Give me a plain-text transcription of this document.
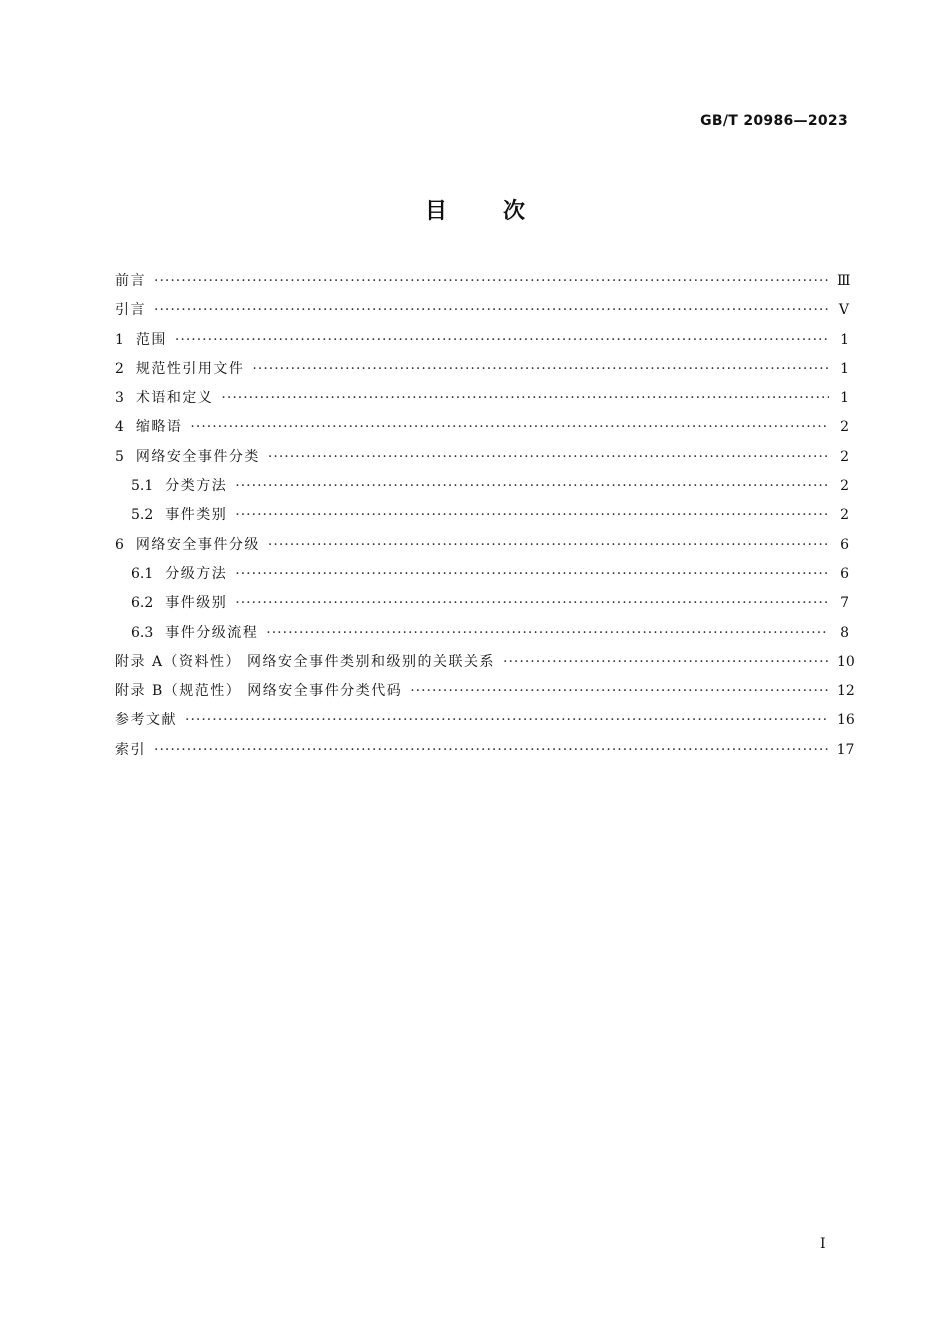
GB/T 20986—2023
目次
前言 ·····	Ⅲ
引言 ·····	Ⅴ
1 范围 ·····	1
2 规范性引用文件 ·····	1
3 术语和定义 ·····	1
4 缩略语 ·····	2
5 网络安全事件分类 ·····	2
5.1 分类方法 ·····	2
5.2 事件类别 ·····	2
6 网络安全事件分级 ·····	6
6.1 分级方法 ·····	6
6.2 事件级别 ·····	7
6.3 事件分级流程 ·····	8
附录 A（资料性） 网络安全事件类别和级别的关联关系 ·····	10
附录 B（规范性） 网络安全事件分类代码 ·····	12
参考文献 ·····	16
索引 ·····	17
Ⅰ
